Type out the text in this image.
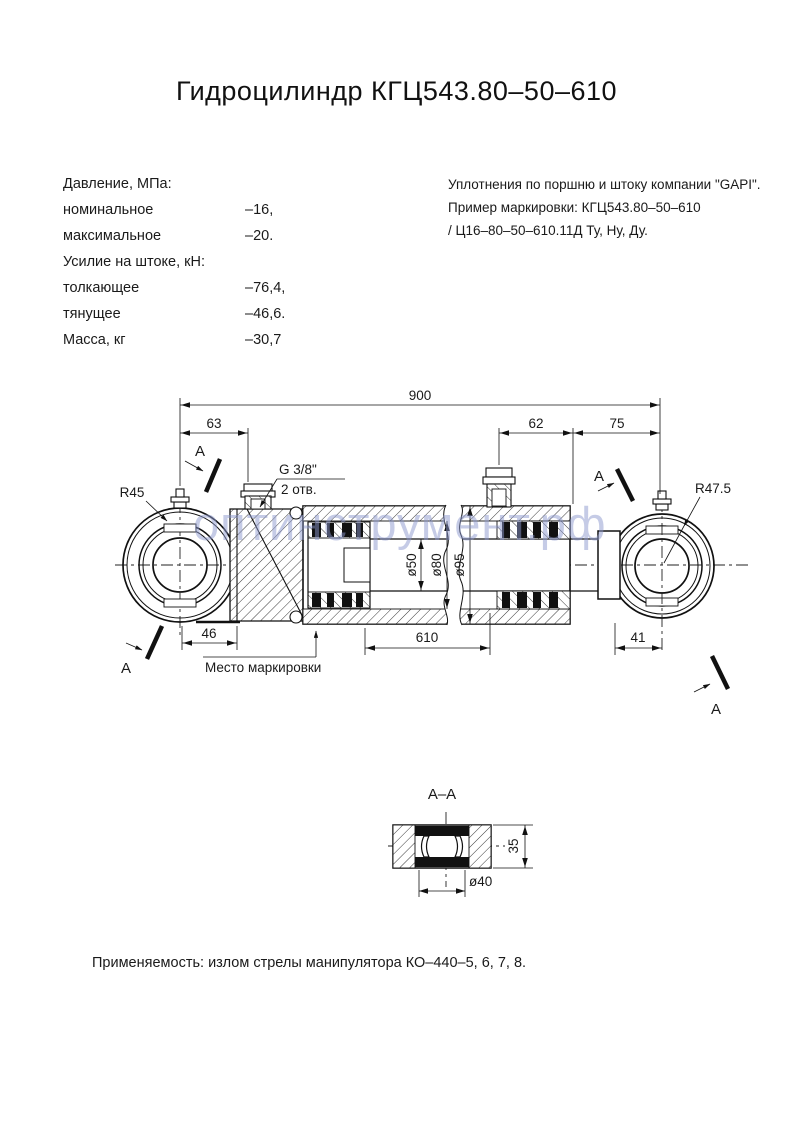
Гидроцилиндр КГЦ543.80–50–610
Давление, МПа:
номинальное	–16,
максимальное	–20.
Усилие на штоке, кН:
толкающее	–76,4,
тянущее	–46,6.
Масса, кг	–30,7
Уплотнения по поршню и штоку компании "GAPI".
Пример маркировки: КГЦ543.80–50–610
/ Ц16–80–50–610.11Д Ту, Ну, Ду.
оптинструмент.рф
900
63	62	75
R45	R47.5
G 3/8"
2 отв.
ø50 ø80 ø95
46	610	41
Место маркировки
А
А
А
А
А–А
35
ø40
Применяемость: излом стрелы манипулятора КО–440–5, 6, 7, 8.
